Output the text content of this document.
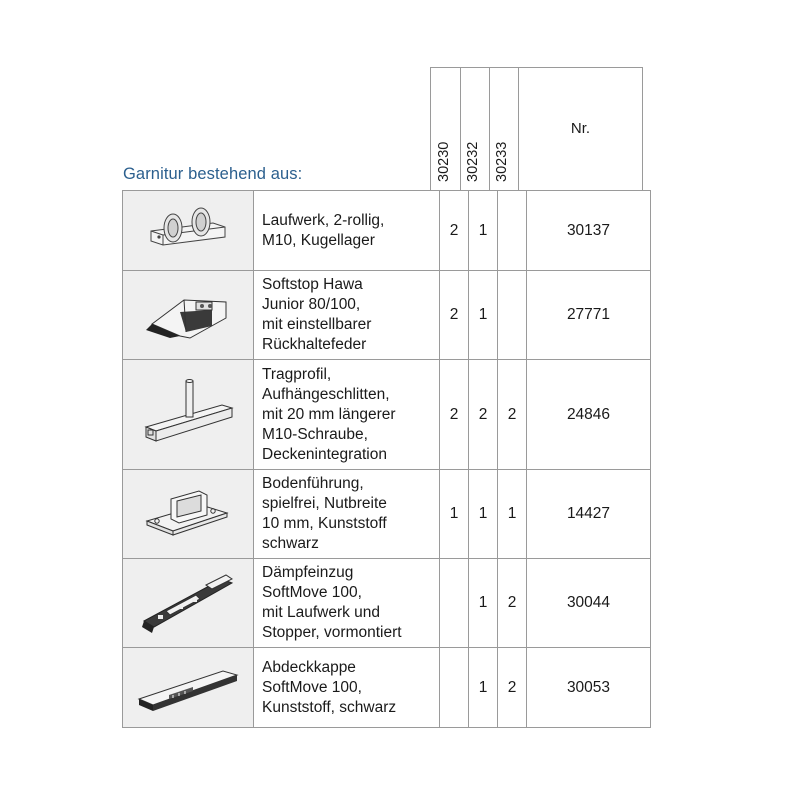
Garnitur bestehend aus:	30230 30232 30233
Nr.

Laufwerk, 2-rollig,
M10, Kugellager	2	1		30137

Softstop Hawa
Junior 80/100,
mit einstellbarer
Rückhaltefeder	2	1		27771

Tragprofil,
Aufhängeschlitten,
mit 20 mm längerer
M10-Schraube,
Deckenintegration	2	2	2	24846

Bodenführung,
spielfrei, Nutbreite
10 mm, Kunststoff
schwarz	1	1	1	14427

Dämpfeinzug
SoftMove 100,
mit Laufwerk und
Stopper, vormontiert		1	2	30044

Abdeckkappe
SoftMove 100,
Kunststoff, schwarz		1	2	30053
